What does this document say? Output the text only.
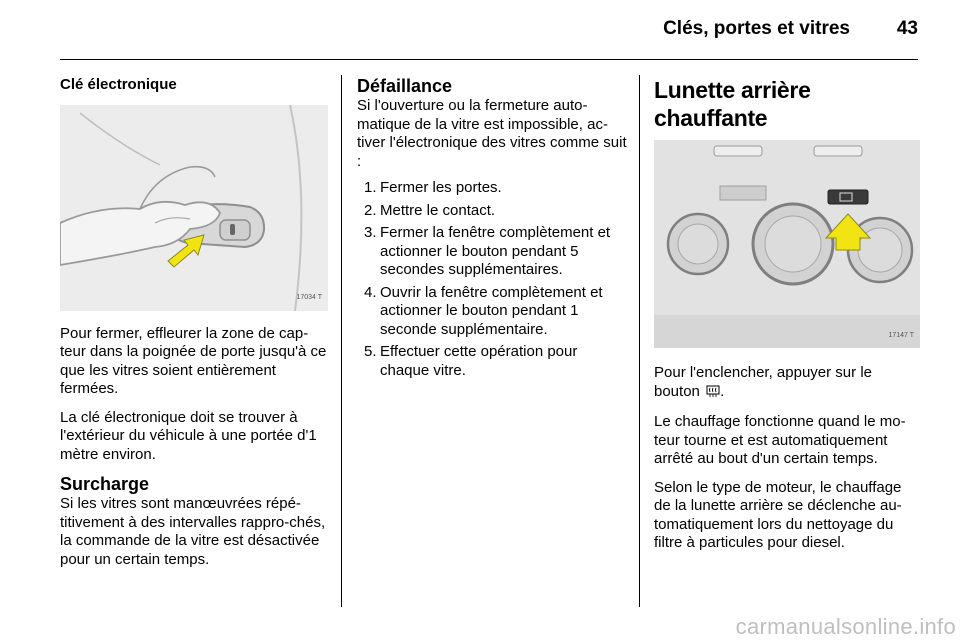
Clés, portes et vitres	43
Clé électronique
17034 T

Pour fermer, effleurer la zone de cap-teur dans la poignée de porte jusqu'à ce que les vitres soient entièrement fermées.

La clé électronique doit se trouver à l'extérieur du véhicule à une portée d'1 mètre environ.

Surcharge

Si les vitres sont manœuvrées répé-titivement à des intervalles rappro-chés, la commande de la vitre est désactivée pour un certain temps.

Défaillance

Si l'ouverture ou la fermeture auto-matique de la vitre est impossible, ac-tiver l'électronique des vitres comme suit :

1. Fermer les portes.
2. Mettre le contact.
3. Fermer la fenêtre complètement et actionner le bouton pendant 5 secondes supplémentaires.
4. Ouvrir la fenêtre complètement et actionner le bouton pendant 1 seconde supplémentaire.
5. Effectuer cette opération pour chaque vitre.
Lunette arrière chauffante
17147 T

Pour l'enclencher, appuyer sur le bouton .

Le chauffage fonctionne quand le mo-teur tourne et est automatiquement arrêté au bout d'un certain temps.

Selon le type de moteur, le chauffage de la lunette arrière se déclenche au-tomatiquement lors du nettoyage du filtre à particules pour diesel.

carmanualsonline.info
